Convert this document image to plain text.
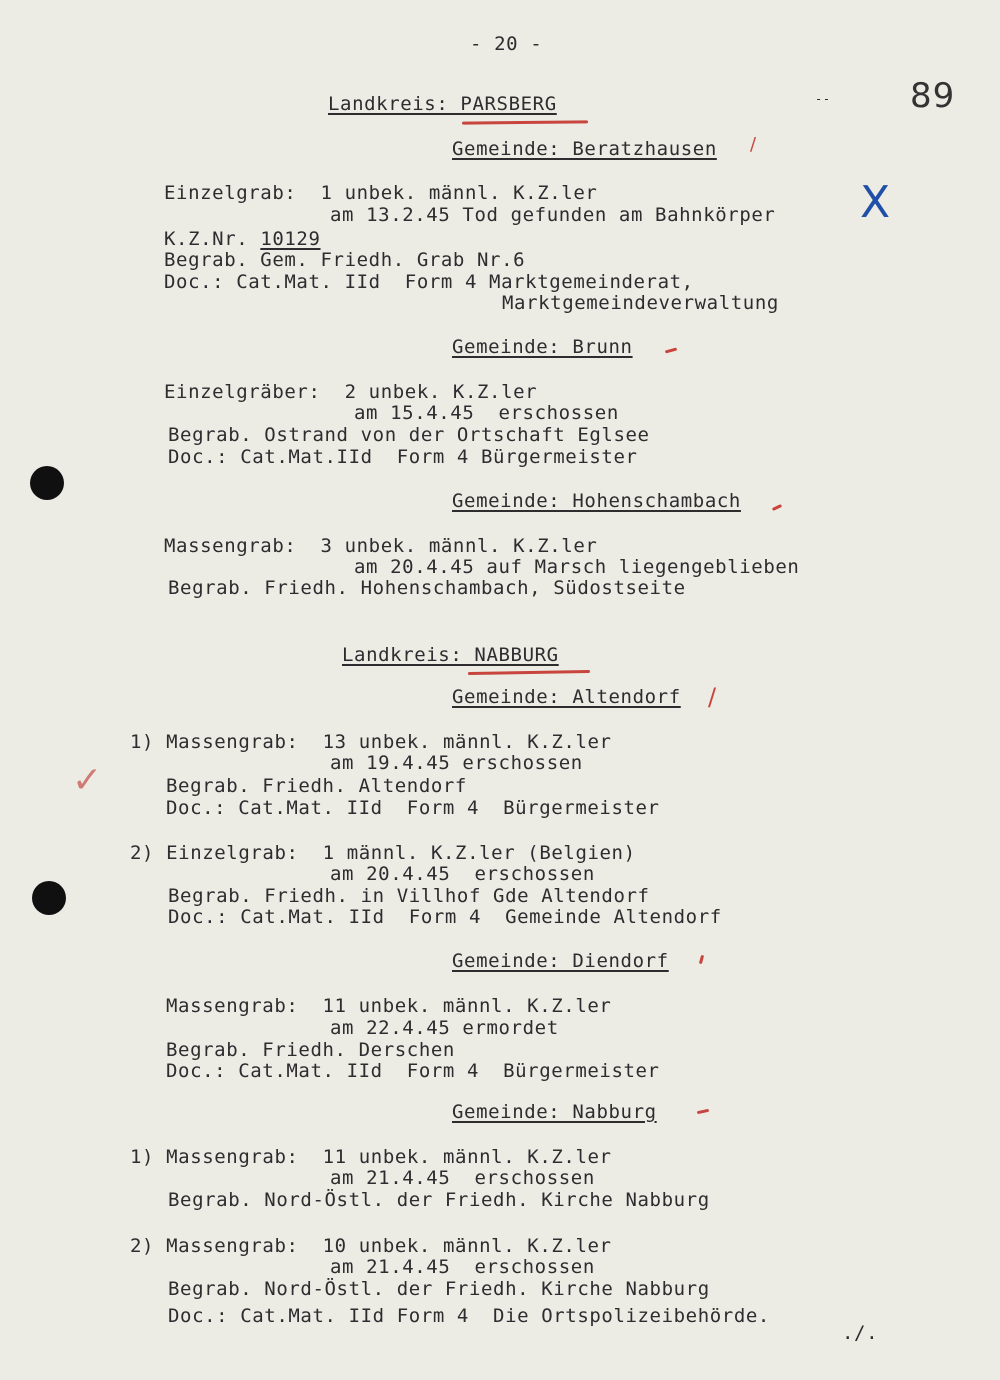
- 20 -
89
--
X
Landkreis: PARSBERG
Gemeinde: Beratzhausen /
Einzelgrab:  1 unbek. männl. K.Z.ler
am 13.2.45 Tod gefunden am Bahnkörper
K.Z.Nr. 10129
Begrab. Gem. Friedh. Grab Nr.6
Doc.: Cat.Mat. IId  Form 4 Marktgemeinderat,
Marktgemeindeverwaltung
Gemeinde: Brunn
Einzelgräber:  2 unbek. K.Z.ler
am 15.4.45  erschossen
Begrab. Ostrand von der Ortschaft Eglsee
Doc.: Cat.Mat.IId  Form 4 Bürgermeister
Gemeinde: Hohenschambach
Massengrab:  3 unbek. männl. K.Z.ler
am 20.4.45 auf Marsch liegengeblieben
Begrab. Friedh. Hohenschambach, Südostseite
Landkreis: NABBURG
Gemeinde: Altendorf /
✓
1) Massengrab:  13 unbek. männl. K.Z.ler
am 19.4.45 erschossen
Begrab. Friedh. Altendorf
Doc.: Cat.Mat. IId  Form 4  Bürgermeister
2) Einzelgrab:  1 männl. K.Z.ler (Belgien)
am 20.4.45  erschossen
Begrab. Friedh. in Villhof Gde Altendorf
Doc.: Cat.Mat. IId  Form 4  Gemeinde Altendorf
Gemeinde: Diendorf
Massengrab:  11 unbek. männl. K.Z.ler
am 22.4.45 ermordet
Begrab. Friedh. Derschen
Doc.: Cat.Mat. IId  Form 4  Bürgermeister
Gemeinde: Nabburg
1) Massengrab:  11 unbek. männl. K.Z.ler
am 21.4.45  erschossen
Begrab. Nord-Östl. der Friedh. Kirche Nabburg
2) Massengrab:  10 unbek. männl. K.Z.ler
am 21.4.45  erschossen
Begrab. Nord-Östl. der Friedh. Kirche Nabburg
Doc.: Cat.Mat. IId Form 4  Die Ortspolizeibehörde.
./.
